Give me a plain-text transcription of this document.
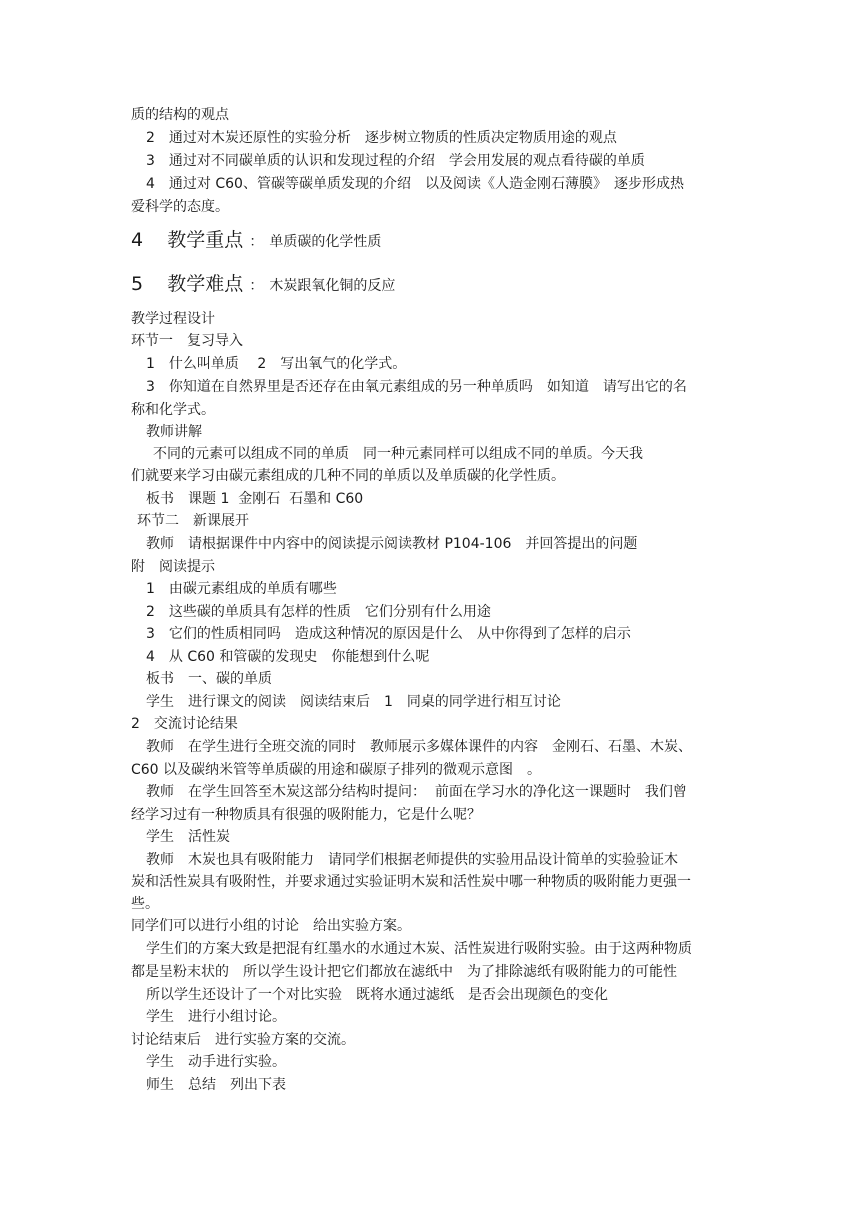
质的结构的观点
2　通过对木炭还原性的实验分析　逐步树立物质的性质决定物质用途的观点
3　通过对不同碳单质的认识和发现过程的介绍　学会用发展的观点看待碳的单质
4　通过对 C60、管碳等碳单质发现的介绍　以及阅读《人造金刚石薄膜》　逐步形成热
爱科学的态度。
4 教学重点 ： 单质碳的化学性质
5 教学难点 ： 木炭跟氧化铜的反应
教学过程设计
环节一　复习导入
1　什么叫单质　 2　写出氧气的化学式。
3　你知道在自然界里是否还存在由氧元素组成的另一种单质吗　如知道　请写出它的名
称和化学式。
教师讲解
不同的元素可以组成不同的单质　同一种元素同样可以组成不同的单质。今天我
们就要来学习由碳元素组成的几种不同的单质以及单质碳的化学性质。
板书　课题 1  金刚石  石墨和 C60
环节二　新课展开
教师　请根据课件中内容中的阅读提示阅读教材 P104-106　并回答提出的问题
附　阅读提示
1　由碳元素组成的单质有哪些
2　这些碳的单质具有怎样的性质　它们分别有什么用途
3　它们的性质相同吗　造成这种情况的原因是什么　从中你得到了怎样的启示
4　从 C60 和管碳的发现史　你能想到什么呢
板书　一、碳的单质
学生　进行课文的阅读　阅读结束后　1　同桌的同学进行相互讨论
2　交流讨论结果
教师　在学生进行全班交流的同时　教师展示多媒体课件的内容　金刚石、石墨、木炭、
C60 以及碳纳米管等单质碳的用途和碳原子排列的微观示意图　。
教师　在学生回答至木炭这部分结构时提问：  前面在学习水的净化这一课题时　我们曾
经学习过有一种物质具有很强的吸附能力，它是什么呢？
学生　活性炭
教师　木炭也具有吸附能力　请同学们根据老师提供的实验用品设计简单的实验验证木
炭和活性炭具有吸附性，并要求通过实验证明木炭和活性炭中哪一种物质的吸附能力更强一
些。
同学们可以进行小组的讨论　给出实验方案。
学生们的方案大致是把混有红墨水的水通过木炭、活性炭进行吸附实验。由于这两种物质
都是呈粉末状的　所以学生设计把它们都放在滤纸中　为了排除滤纸有吸附能力的可能性
所以学生还设计了一个对比实验　既将水通过滤纸　是否会出现颜色的变化
学生　进行小组讨论。
讨论结束后　进行实验方案的交流。
学生　动手进行实验。
师生　总结　列出下表
